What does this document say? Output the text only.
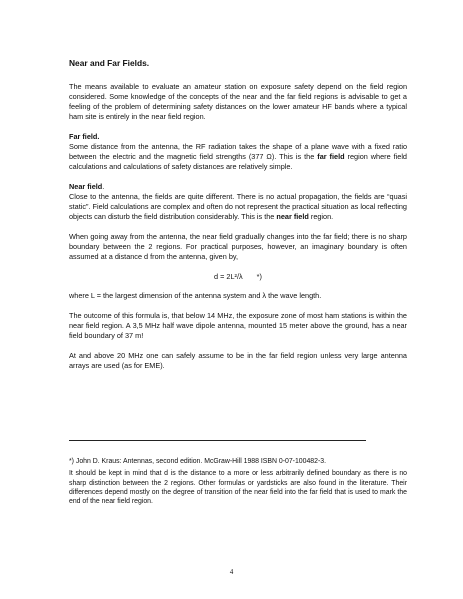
Near and Far Fields.

The means available to evaluate an amateur station on exposure safety depend on the field region considered. Some knowledge of the concepts of the near and the far field regions is advisable to get a feeling of the problem of determining safety distances on the lower amateur HF bands where a typical ham site is entirely in the near field region.

Far field.
Some distance from the antenna, the RF radiation takes the shape of a plane wave with a fixed ratio between the electric and the magnetic field strengths (377 Ω). This is the far field region where field calculations and calculations of safety distances are relatively simple.

Near field.
Close to the antenna, the fields are quite different. There is no actual propagation, the fields are “quasi static”. Field calculations are complex and often do not represent the practical situation as local reflecting objects can disturb the field distribution considerably. This is the near field region.

When going away from the antenna, the near field gradually changes into the far field; there is no sharp boundary between the 2 regions. For practical purposes, however, an imaginary boundary is often assumed at a distance d from the antenna, given by,

d = 2L²/λ *)

where L = the largest dimension of the antenna system and λ the wave length.

The outcome of this formula is, that below 14 MHz, the exposure zone of most ham stations is within the near field region. A 3,5 MHz half wave dipole antenna, mounted 15 meter above the ground, has a near field boundary of 37 m!

At and above 20 MHz one can safely assume to be in the far field region unless very large antenna arrays are used (as for EME).

*) John D. Kraus: Antennas, second edition. McGraw-Hill 1988 ISBN 0-07-100482-3.

It should be kept in mind that d is the distance to a more or less arbitrarily defined boundary as there is no sharp distinction between the 2 regions. Other formulas or yardsticks are also found in the literature. Their differences depend mostly on the degree of transition of the near field into the far field that is used to mark the end of the near field region.

4
